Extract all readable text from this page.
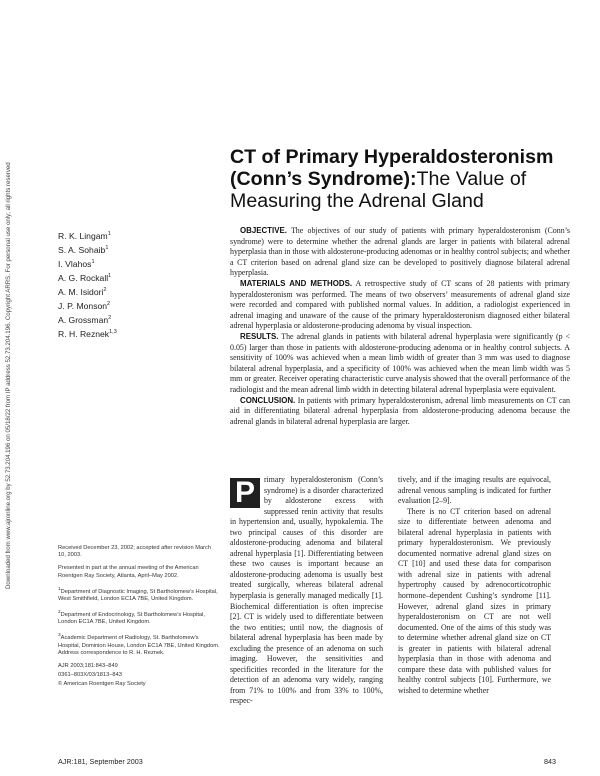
Downloaded from www.ajronline.org by 52.73.204.196 on 05/18/22 from IP address 52.73.204.196. Copyright ARRS. For personal use only; all rights reserved
CT of Primary Hyperaldosteronism (Conn’s Syndrome):The Value of Measuring the Adrenal Gland
R. K. Lingam$^1$
S. A. Sohaib$^1$
I. Vlahos$^1$
A. G. Rockall$^1$
A. M. Isidori$^2$
J. P. Monson$^2$
A. Grossman$^2$
R. H. Reznek$^{1,3}$

OBJECTIVE. The objectives of our study of patients with primary hyperaldosteronism (Conn’s syndrome) were to determine whether the adrenal glands are larger in patients with bilateral adrenal hyperplasia than in those with aldosterone-producing adenomas or in healthy control subjects; and whether a CT criterion based on adrenal gland size can be developed to positively diagnose bilateral adrenal hyperplasia.

MATERIALS AND METHODS. A retrospective study of CT scans of 28 patients with primary hyperaldosteronism was performed. The means of two observers’ measurements of adrenal gland size were recorded and compared with published normal values. In addition, a radiologist experienced in adrenal imaging and unaware of the cause of the primary hyperaldosteronism diagnosed either bilateral adrenal hyperplasia or aldosterone-producing adenoma by visual inspection.

RESULTS. The adrenal glands in patients with bilateral adrenal hyperplasia were significantly (p < 0.05) larger than those in patients with aldosterone-producing adenoma or in healthy control subjects. A sensitivity of 100% was achieved when a mean limb width of greater than 3 mm was used to diagnose bilateral adrenal hyperplasia, and a specificity of 100% was achieved when the mean limb width was 5 mm or greater. Receiver operating characteristic curve analysis showed that the overall performance of the radiologist and the mean adrenal limb width in detecting bilateral adrenal hyperplasia were equivalent.

CONCLUSION. In patients with primary hyperaldosteronism, adrenal limb measurements on CT can aid in differentiating bilateral adrenal hyperplasia from aldosterone-producing adenoma because the adrenal glands in bilateral adrenal hyperplasia are larger.

Received December 23, 2002; accepted after revision March 10, 2003.

Presented in part at the annual meeting of the American Roentgen Ray Society, Atlanta, April–May 2002.

$^1$Department of Diagnostic Imaging, St Bartholomew’s Hospital, West Smithfield, London EC1A 7BE, United Kingdom.

$^2$Department of Endocrinology, St Bartholomew’s Hospital, London EC1A 7BE, United Kingdom.

$^3$Academic Department of Radiology, St. Bartholomew’s Hospital, Dominion House, London EC1A 7BE, United Kingdom. Address correspondence to R. H. Reznek.

AJR 2003;181:843–849

0361–803X/03/1813–843

© American Roentgen Ray Society

P	rimary hyperaldosteronism (Conn’s syndrome) is a disorder characterized by aldosterone excess with suppressed renin activity that results in hypertension and, usually, hypokalemia. The two principal causes of this disorder are aldosterone-producing adenoma and bilateral adrenal hyperplasia [1]. Differentiating between these two causes is important because an aldosterone-producing adenoma is usually best treated surgically, whereas bilateral adrenal hyperplasia is generally managed medically [1]. Biochemical differentiation is often imprecise [2]. CT is widely used to differentiate between the two entities; until now, the diagnosis of bilateral adrenal hyperplasia has been made by excluding the presence of an adenoma on such imaging. However, the sensitivities and specificities recorded in the literature for the detection of an adenoma vary widely, ranging from 71% to 100% and from 33% to 100%, respec-

tively, and if the imaging results are equivocal, adrenal venous sampling is indicated for further evaluation [2–9].

There is no CT criterion based on adrenal size to differentiate between adenoma and bilateral adrenal hyperplasia in patients with primary hyperaldosteronism. We previously documented normative adrenal gland sizes on CT [10] and used these data for comparison with adrenal size in patients with adrenal hypertrophy caused by adrenocorticotrophic hormone–dependent Cushing’s syndrome [11]. However, adrenal gland sizes in primary hyperaldosteronism on CT are not well documented. One of the aims of this study was to determine whether adrenal gland size on CT is greater in patients with bilateral adrenal hyperplasia than in those with adenoma and compare these data with published values for healthy control subjects [10]. Furthermore, we wished to determine whether

AJR:181, September 2003	843
